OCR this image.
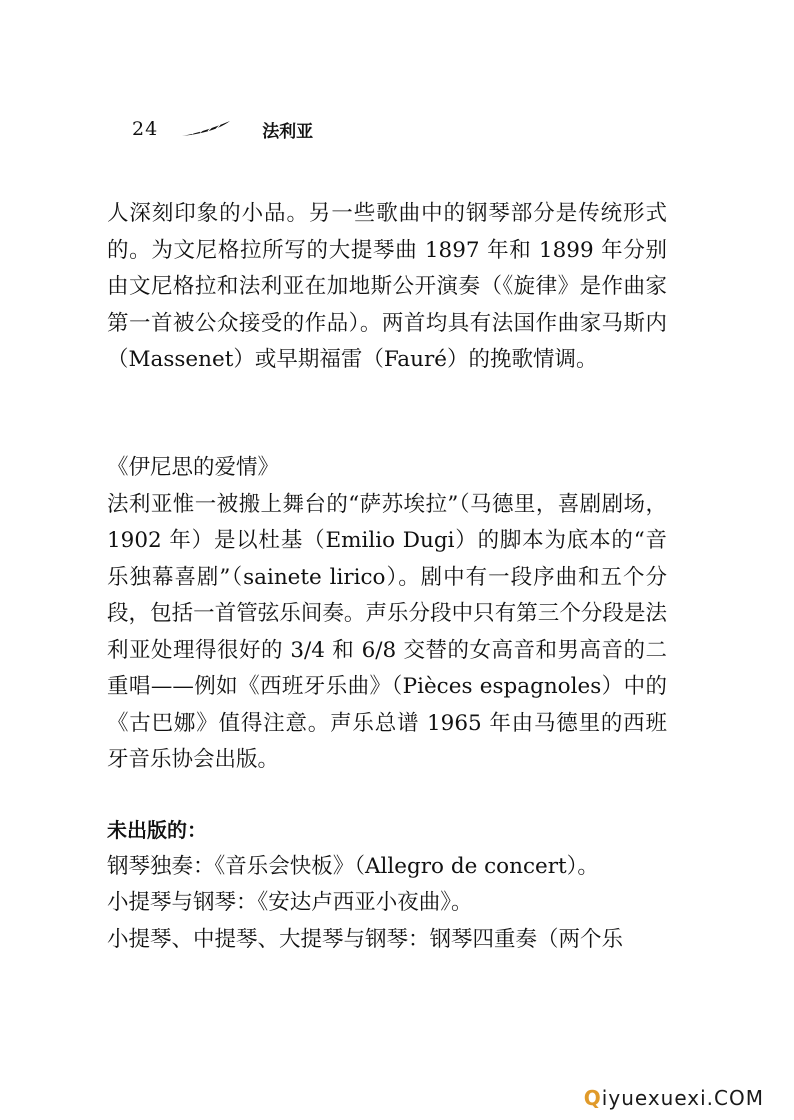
24	法利亚

人深刻印象的小品。另一些歌曲中的钢琴部分是传统形式的。为文尼格拉所写的大提琴曲 1897 年和 1899 年分别由文尼格拉和法利亚在加地斯公开演奏（《旋律》是作曲家第一首被公众接受的作品）。两首均具有法国作曲家马斯内（Massenet）或早期福雷（Fauré）的挽歌情调。

《伊尼思的爱情》

法利亚惟一被搬上舞台的“萨苏埃拉”（马德里，喜剧剧场，1902 年）是以杜基（Emilio Dugi）的脚本为底本的“音乐独幕喜剧”（sainete lirico）。剧中有一段序曲和五个分段，包括一首管弦乐间奏。声乐分段中只有第三个分段是法利亚处理得很好的 3/4 和 6/8 交替的女高音和男高音的二重唱——例如《西班牙乐曲》（Pièces espagnoles）中的《古巴娜》值得注意。声乐总谱 1965 年由马德里的西班牙音乐协会出版。

未出版的：

钢琴独奏：《音乐会快板》（Allegro de concert）。

小提琴与钢琴：《安达卢西亚小夜曲》。

小提琴、中提琴、大提琴与钢琴：钢琴四重奏（两个乐

Qiyuexuexi.COM
